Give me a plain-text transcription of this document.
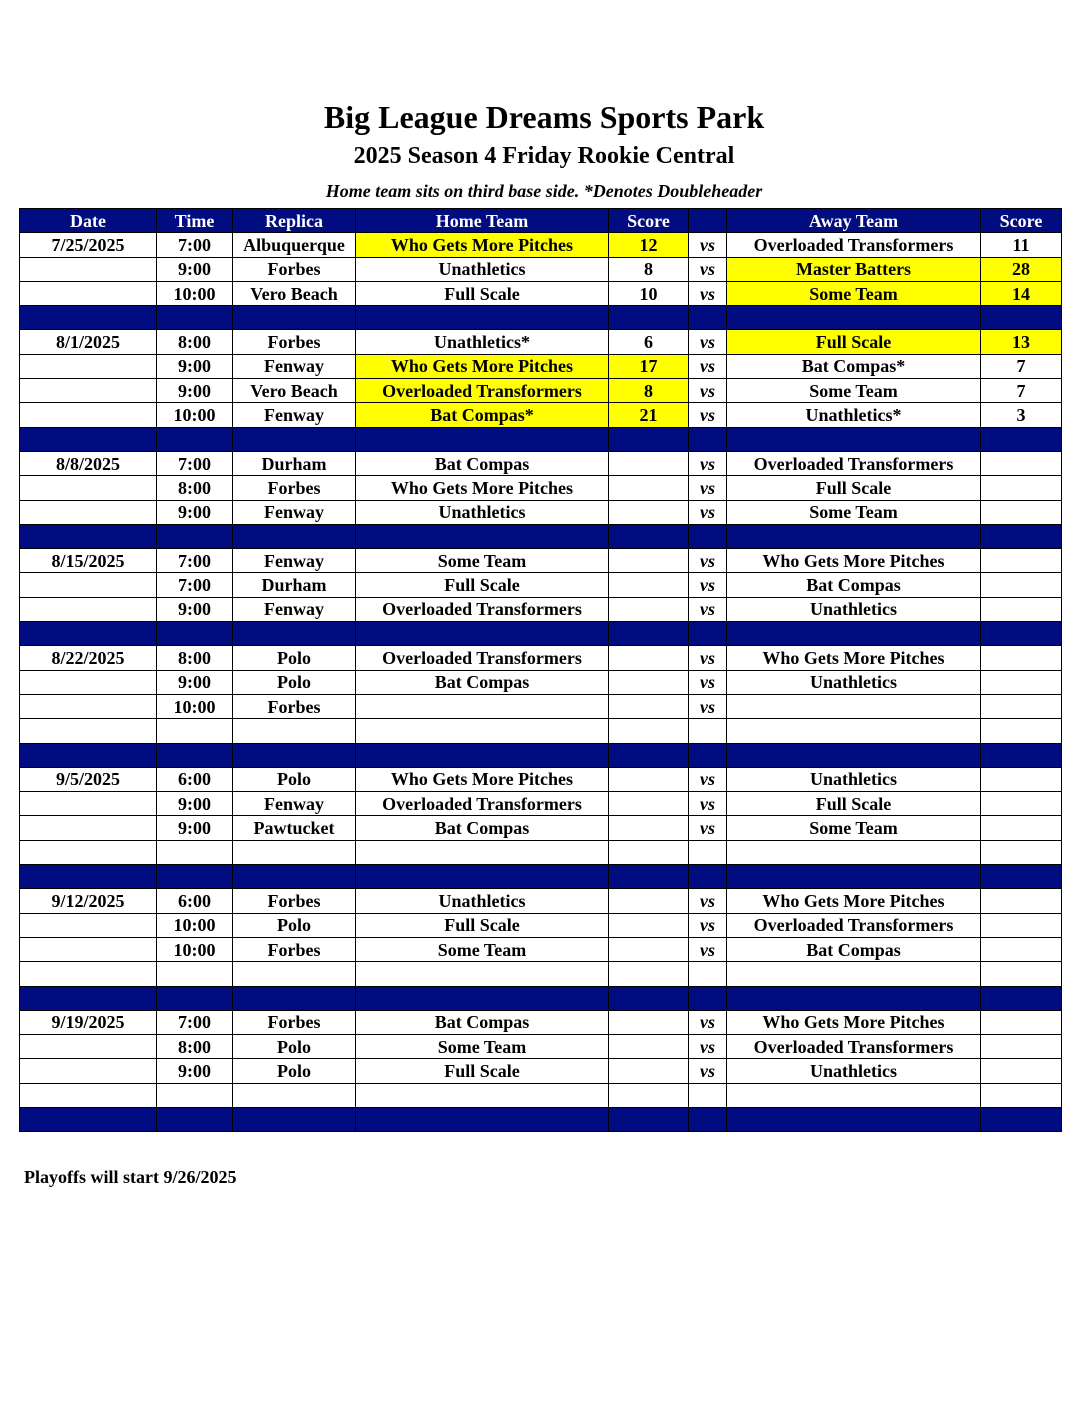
Big League Dreams Sports Park
2025 Season 4 Friday Rookie Central
Home team sits on third base side. *Denotes Doubleheader
Date	Time	Replica	Home Team	Score		Away Team	Score
7/25/2025	7:00	Albuquerque	Who Gets More Pitches	12	vs	Overloaded Transformers	11
	9:00	Forbes	Unathletics	8	vs	Master Batters	28
	10:00	Vero Beach	Full Scale	10	vs	Some Team	14

8/1/2025	8:00	Forbes	Unathletics*	6	vs	Full Scale	13
	9:00	Fenway	Who Gets More Pitches	17	vs	Bat Compas*	7
	9:00	Vero Beach	Overloaded Transformers	8	vs	Some Team	7
	10:00	Fenway	Bat Compas*	21	vs	Unathletics*	3

8/8/2025	7:00	Durham	Bat Compas		vs	Overloaded Transformers	
	8:00	Forbes	Who Gets More Pitches		vs	Full Scale	
	9:00	Fenway	Unathletics		vs	Some Team	

8/15/2025	7:00	Fenway	Some Team		vs	Who Gets More Pitches	
	7:00	Durham	Full Scale		vs	Bat Compas	
	9:00	Fenway	Overloaded Transformers		vs	Unathletics	

8/22/2025	8:00	Polo	Overloaded Transformers		vs	Who Gets More Pitches	
	9:00	Polo	Bat Compas		vs	Unathletics	
	10:00	Forbes			vs		

9/5/2025	6:00	Polo	Who Gets More Pitches		vs	Unathletics	
	9:00	Fenway	Overloaded Transformers		vs	Full Scale	
	9:00	Pawtucket	Bat Compas		vs	Some Team	

9/12/2025	6:00	Forbes	Unathletics		vs	Who Gets More Pitches	
	10:00	Polo	Full Scale		vs	Overloaded Transformers	
	10:00	Forbes	Some Team		vs	Bat Compas	

9/19/2025	7:00	Forbes	Bat Compas		vs	Who Gets More Pitches	
	8:00	Polo	Some Team		vs	Overloaded Transformers	
	9:00	Polo	Full Scale		vs	Unathletics	

Playoffs will start 9/26/2025
